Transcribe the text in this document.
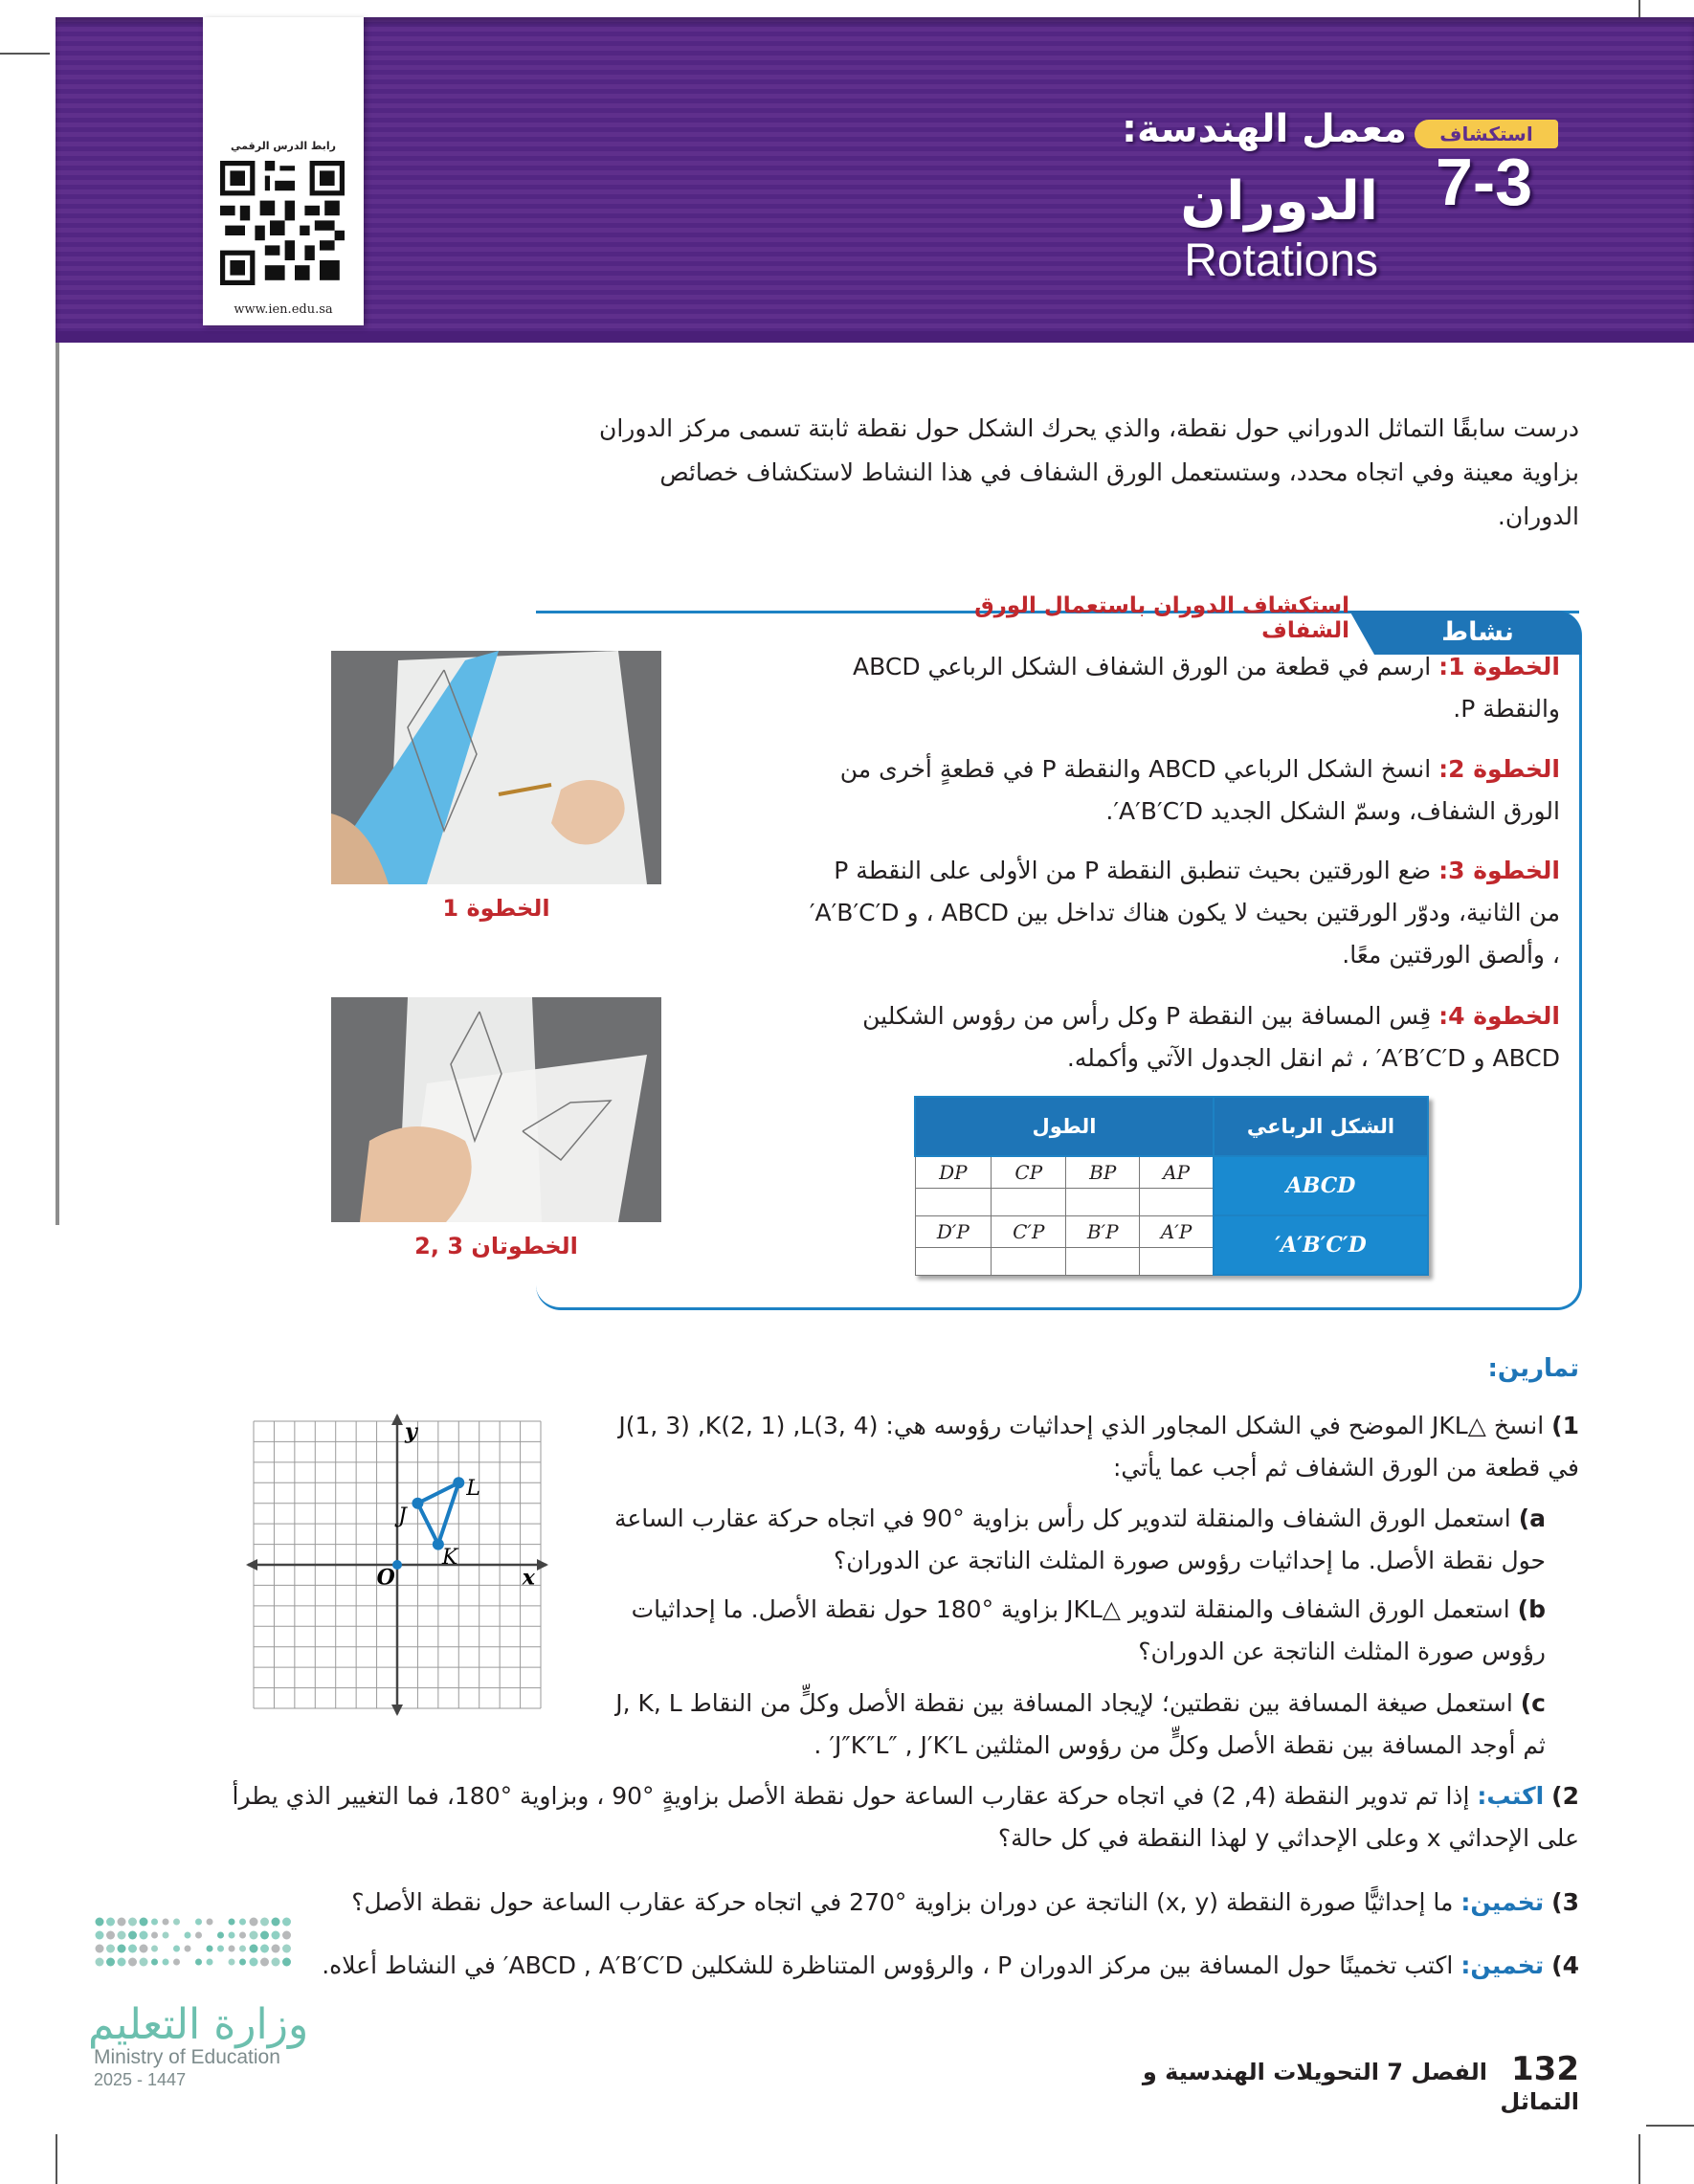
رابط الدرس الرقمي
www.ien.edu.sa
استكشاف
7-3
معمل الهندسة:
الدوران
Rotations
درست سابقًا التماثل الدوراني حول نقطة، والذي يحرك الشكل حول نقطة ثابتة تسمى مركز الدوران بزاوية معينة وفي اتجاه محدد، وستستعمل الورق الشفاف في هذا النشاط لاستكشاف خصائص الدوران.
نشاط
استكشاف الدوران باستعمال الورق الشفاف
الخطوة 1: ارسم في قطعة من الورق الشفاف الشكل الرباعي ABCD والنقطة P.
الخطوة 2: انسخ الشكل الرباعي ABCD والنقطة P في قطعةٍ أخرى من الورق الشفاف، وسمّ الشكل الجديد A′B′C′D′.
الخطوة 3: ضع الورقتين بحيث تنطبق النقطة P من الأولى على النقطة P من الثانية، ودوّر الورقتين بحيث لا يكون هناك تداخل بين ABCD ، و A′B′C′D′ ، وألصق الورقتين معًا.
الخطوة 4: قِس المسافة بين النقطة P وكل رأس من رؤوس الشكلين ABCD و A′B′C′D′ ، ثم انقل الجدول الآتي وأكمله.
الخطوة 1
الخطوتان 3 ,2
الشكل الرباعي	الطول			
ABCD	AP	BP	CP	DP

A′B′C′D′	A′P	B′P	C′P	D′P

تمارين:
1) انسخ △JKL الموضح في الشكل المجاور الذي إحداثيات رؤوسه هي: J(1, 3) ,K(2, 1) ,L(3, 4) في قطعة من الورق الشفاف ثم أجب عما يأتي:
a) استعمل الورق الشفاف والمنقلة لتدوير كل رأس بزاوية °90 في اتجاه حركة عقارب الساعة حول نقطة الأصل. ما إحداثيات رؤوس صورة المثلث الناتجة عن الدوران؟
b) استعمل الورق الشفاف والمنقلة لتدوير △JKL بزاوية °180 حول نقطة الأصل. ما إحداثيات رؤوس صورة المثلث الناتجة عن الدوران؟
c) استعمل صيغة المسافة بين نقطتين؛ لإيجاد المسافة بين نقطة الأصل وكلٍّ من النقاط J, K, L ثم أوجد المسافة بين نقطة الأصل وكلٍّ من رؤوس المثلثين J″K″L″ , J′K′L′ .
2) اكتب: إذا تم تدوير النقطة (4, 2) في اتجاه حركة عقارب الساعة حول نقطة الأصل بزاويةٍ °90 ، وبزاوية °180، فما التغيير الذي يطرأ على الإحداثي x وعلى الإحداثي y لهذا النقطة في كل حالة؟
3) تخمين: ما إحداثيًّا صورة النقطة (x, y) الناتجة عن دوران بزاوية °270 في اتجاه حركة عقارب الساعة حول نقطة الأصل؟
4) تخمين: اكتب تخمينًا حول المسافة بين مركز الدوران P ، والرؤوس المتناظرة للشكلين ABCD , A′B′C′D′ في النشاط أعلاه.
y
x
O
J
K
L
132   الفصل 7 التحويلات الهندسية و التماثل
وزارة التعليم
Ministry of Education
2025 - 1447
